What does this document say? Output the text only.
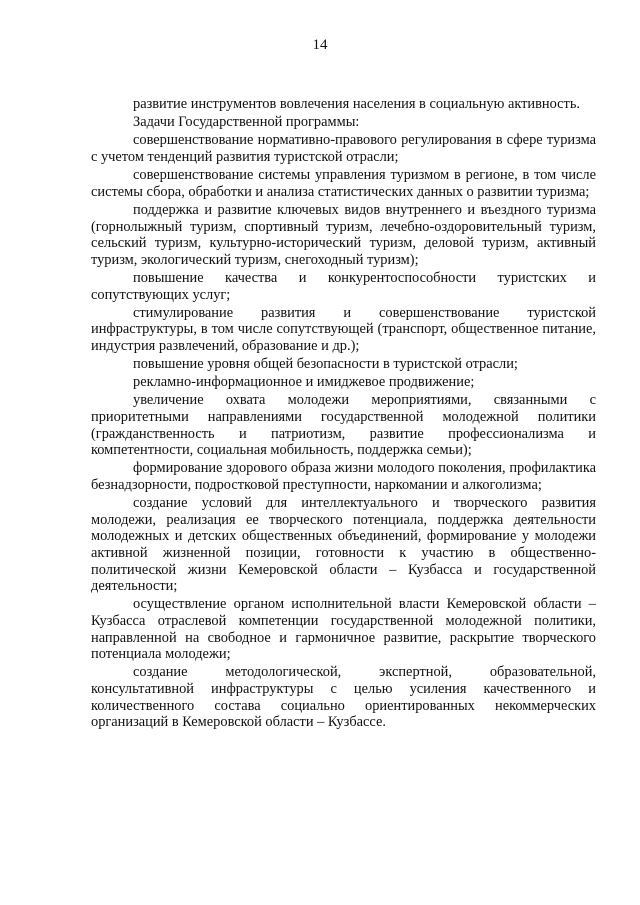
14

развитие инструментов вовлечения населения в социальную активность.

Задачи Государственной программы:

совершенствование нормативно-правового регулирования в сфере туризма с учетом тенденций развития туристской отрасли;

совершенствование системы управления туризмом в регионе, в том числе системы сбора, обработки и анализа статистических данных о развитии туризма;

поддержка и развитие ключевых видов внутреннего и въездного туризма (горнолыжный туризм, спортивный туризм, лечебно-оздоровительный туризм, сельский туризм, культурно-исторический туризм, деловой туризм, активный туризм, экологический туризм, снегоходный туризм);

повышение качества и конкурентоспособности туристских и сопутствующих услуг;

стимулирование развития и совершенствование туристской инфраструктуры, в том числе сопутствующей (транспорт, общественное питание, индустрия развлечений, образование и др.);

повышение уровня общей безопасности в туристской отрасли;

рекламно-информационное и имиджевое продвижение;

увеличение охвата молодежи мероприятиями, связанными с приоритетными направлениями государственной молодежной политики (гражданственность и патриотизм, развитие профессионализма и компетентности, социальная мобильность, поддержка семьи);

формирование здорового образа жизни молодого поколения, профилактика безнадзорности, подростковой преступности, наркомании и алкоголизма;

создание условий для интеллектуального и творческого развития молодежи, реализация ее творческого потенциала, поддержка деятельности молодежных и детских общественных объединений, формирование у молодежи активной жизненной позиции, готовности к участию в общественно-политической жизни Кемеровской области – Кузбасса и государственной деятельности;

осуществление органом исполнительной власти Кемеровской области – Кузбасса отраслевой компетенции государственной молодежной политики, направленной на свободное и гармоничное развитие, раскрытие творческого потенциала молодежи;

создание методологической, экспертной, образовательной, консультативной инфраструктуры с целью усиления качественного и количественного состава социально ориентированных некоммерческих организаций в Кемеровской области – Кузбассе.
